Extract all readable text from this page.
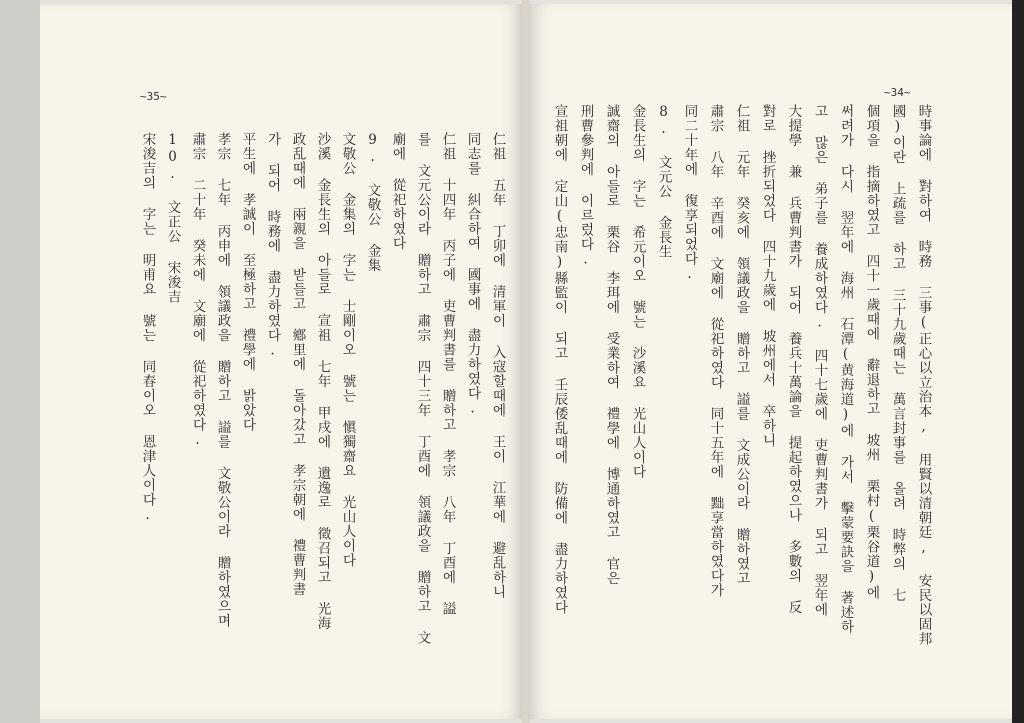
~35~
仁祖 五年 丁卯에 清軍이 入寇할때에 王이 江華에 避乱하니
同志를 糾合하여 國事에 盡力하였다.
仁祖 十四年 丙子에 吏曹判書를 贈하고 孝宗 八年 丁酉에 謚
를 文元公이라 贈하고 肅宗 四十三年 丁酉에 領議政을 贈하고 文
廟에 從祀하였다
9. 文敬公 金集
文敬公 金集의 字는 士剛이오 號는 愼獨齋요 光山人이다
沙溪 金長生의 아들로 宣祖 七年 甲戌에 遺逸로 徵召되고 光海
政乱때에 兩親을 받들고 鄕里에 돌아갔고 孝宗朝에 禮曹判書
가 되어 時務에 盡力하였다.
平生에 孝誠이 至極하고 禮學에 밝았다
孝宗 七年 丙申에 領議政을 贈하고 謚를 文敬公이라 贈하였으며
肅宗 二十年 癸未에 文廟에 從祀하였다.
10. 文正公 宋浚吉
宋浚吉의 字는 明甫요 號는 同春이오 恩津人이다.
~34~
時事論에 對하여 時務 三事(正心以立治本, 用賢以清朝廷, 安民以固邦
國)이란 上疏를 하고 三十九歲때는 萬言封事를 올려 時弊의 七
個項을 指摘하였고 四十一歲때에 辭退하고 坡州 栗村(栗谷道)에
써려가 다시 翌年에 海州 石潭(黄海道)에 가서 擊蒙要訣을 著述하
고 많은 弟子를 養成하였다. 四十七歲에 吏曹判書가 되고 翌年에
大提學 兼 兵曹判書가 되어 養兵十萬論을 提起하였으나 多數의 反
對로 挫折되었다 四十九歲에 坡州에서 卒하니
仁祖 元年 癸亥에 領議政을 贈하고 謚를 文成公이라 贈하였고
肅宗 八年 辛酉에 文廟에 從祀하였다 同十五年에 黜享當하였다가
同二十年에 復享되었다.
8. 文元公 金長生
金長生의 字는 希元이오 號는 沙溪요 光山人이다
誠齋의 아들로 栗谷 李珥에 受業하여 禮學에 博通하였고 官은
刑曹參判에 이르렀다.
宣祖朝에 定山(忠南)縣監이 되고 壬辰倭乱때에 防備에 盡力하였다
